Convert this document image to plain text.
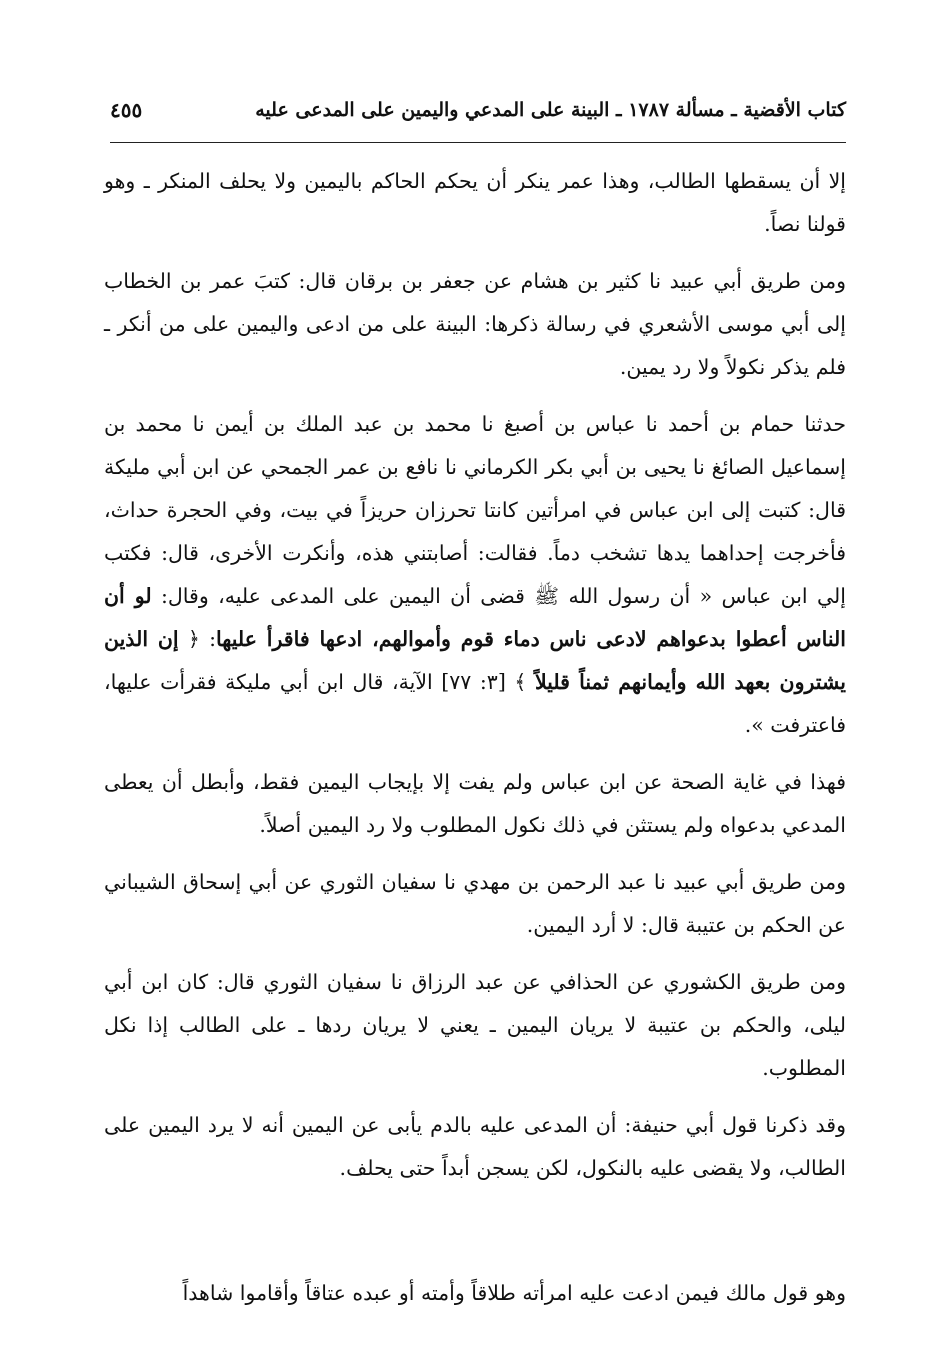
كتاب الأقضية ـ مسألة ١٧٨٧ ـ البينة على المدعي واليمين على المدعى عليه
٤٥٥

إلا أن يسقطها الطالب، وهذا عمر ينكر أن يحكم الحاكم باليمين ولا يحلف المنكر ـ وهو قولنا نصاً.

ومن طريق أبي عبيد نا كثير بن هشام عن جعفر بن برقان قال: كتبَ عمر بن الخطاب إلى أبي موسى الأشعري في رسالة ذكرها: البينة على من ادعى واليمين على من أنكر ـ فلم يذكر نكولاً ولا رد يمين.

حدثنا حمام بن أحمد نا عباس بن أصبغ نا محمد بن عبد الملك بن أيمن نا محمد بن إسماعيل الصائغ نا يحيى بن أبي بكر الكرماني نا نافع بن عمر الجمحي عن ابن أبي مليكة قال: كتبت إلى ابن عباس في امرأتين كانتا تحرزان حريزاً في بيت، وفي الحجرة حداث، فأخرجت إحداهما يدها تشخب دماً. فقالت: أصابتني هذه، وأنكرت الأخرى، قال: فكتب إلي ابن عباس « أن رسول الله ﷺ قضى أن اليمين على المدعى عليه، وقال: لو أن الناس أعطوا بدعواهم لادعى ناس دماء قوم وأموالهم، ادعها فاقرأ عليها: ﴿ إن الذين يشترون بعهد الله وأيمانهم ثمناً قليلاً ﴾ [٣: ٧٧] الآية، قال ابن أبي مليكة فقرأت عليها، فاعترفت ».

فهذا في غاية الصحة عن ابن عباس ولم يفت إلا بإيجاب اليمين فقط، وأبطل أن يعطى المدعي بدعواه ولم يستثن في ذلك نكول المطلوب ولا رد اليمين أصلاً.

ومن طريق أبي عبيد نا عبد الرحمن بن مهدي نا سفيان الثوري عن أبي إسحاق الشيباني عن الحكم بن عتيبة قال: لا أرد اليمين.

ومن طريق الكشوري عن الحذافي عن عبد الرزاق نا سفيان الثوري قال: كان ابن أبي ليلى، والحكم بن عتيبة لا يريان اليمين ـ يعني لا يريان ردها ـ على الطالب إذا نكل المطلوب.

وقد ذكرنا قول أبي حنيفة: أن المدعى عليه بالدم يأبى عن اليمين أنه لا يرد اليمين على الطالب، ولا يقضى عليه بالنكول، لكن يسجن أبداً حتى يحلف.

وهو قول مالك فيمن ادعت عليه امرأته طلاقاً وأمته أو عبده عتاقاً وأقاموا شاهداً
